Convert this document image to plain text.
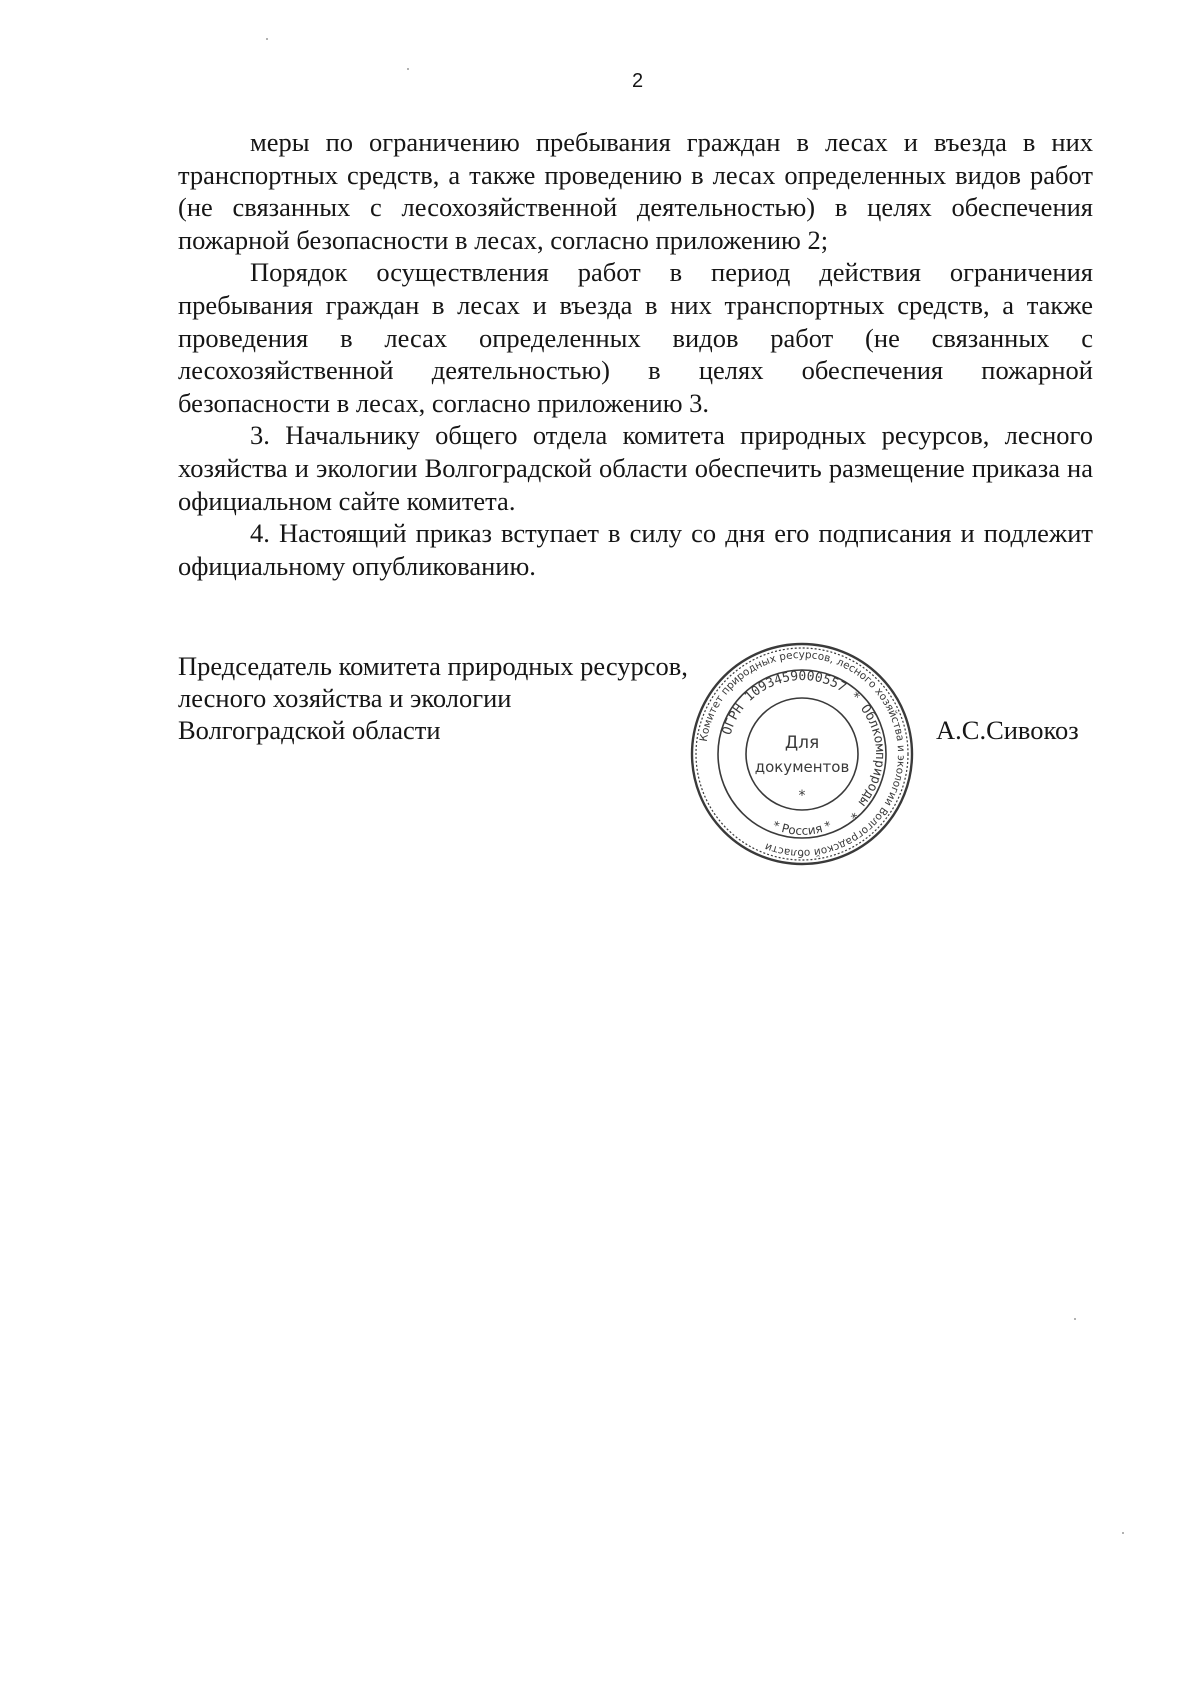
2

меры по ограничению пребывания граждан в лесах и въезда в них транспортных средств, а также проведению в лесах определенных видов работ (не связанных с лесохозяйственной деятельностью) в целях обеспечения пожарной безопасности в лесах, согласно приложению 2;

Порядок осуществления работ в период действия ограничения пребывания граждан в лесах и въезда в них транспортных средств, а также проведения в лесах определенных видов работ (не связанных с лесохозяйственной деятельностью) в целях обеспечения пожарной безопасности в лесах, согласно приложению 3.

3. Начальнику общего отдела комитета природных ресурсов, лесного хозяйства и экологии Волгоградской области обеспечить размещение приказа на официальном сайте комитета.

4. Настоящий приказ вступает в силу со дня его подписания и подлежит официальному опубликованию.

Председатель комитета природных ресурсов,
лесного хозяйства и экологии
Волгоградской области	Комитет природных ресурсов, лесного хозяйства и экологии Волгоградской области
ОГРН 1093459000557 * Облкомприроды *
* Россия *
Для
документов
*
А.С.Сивокоз
